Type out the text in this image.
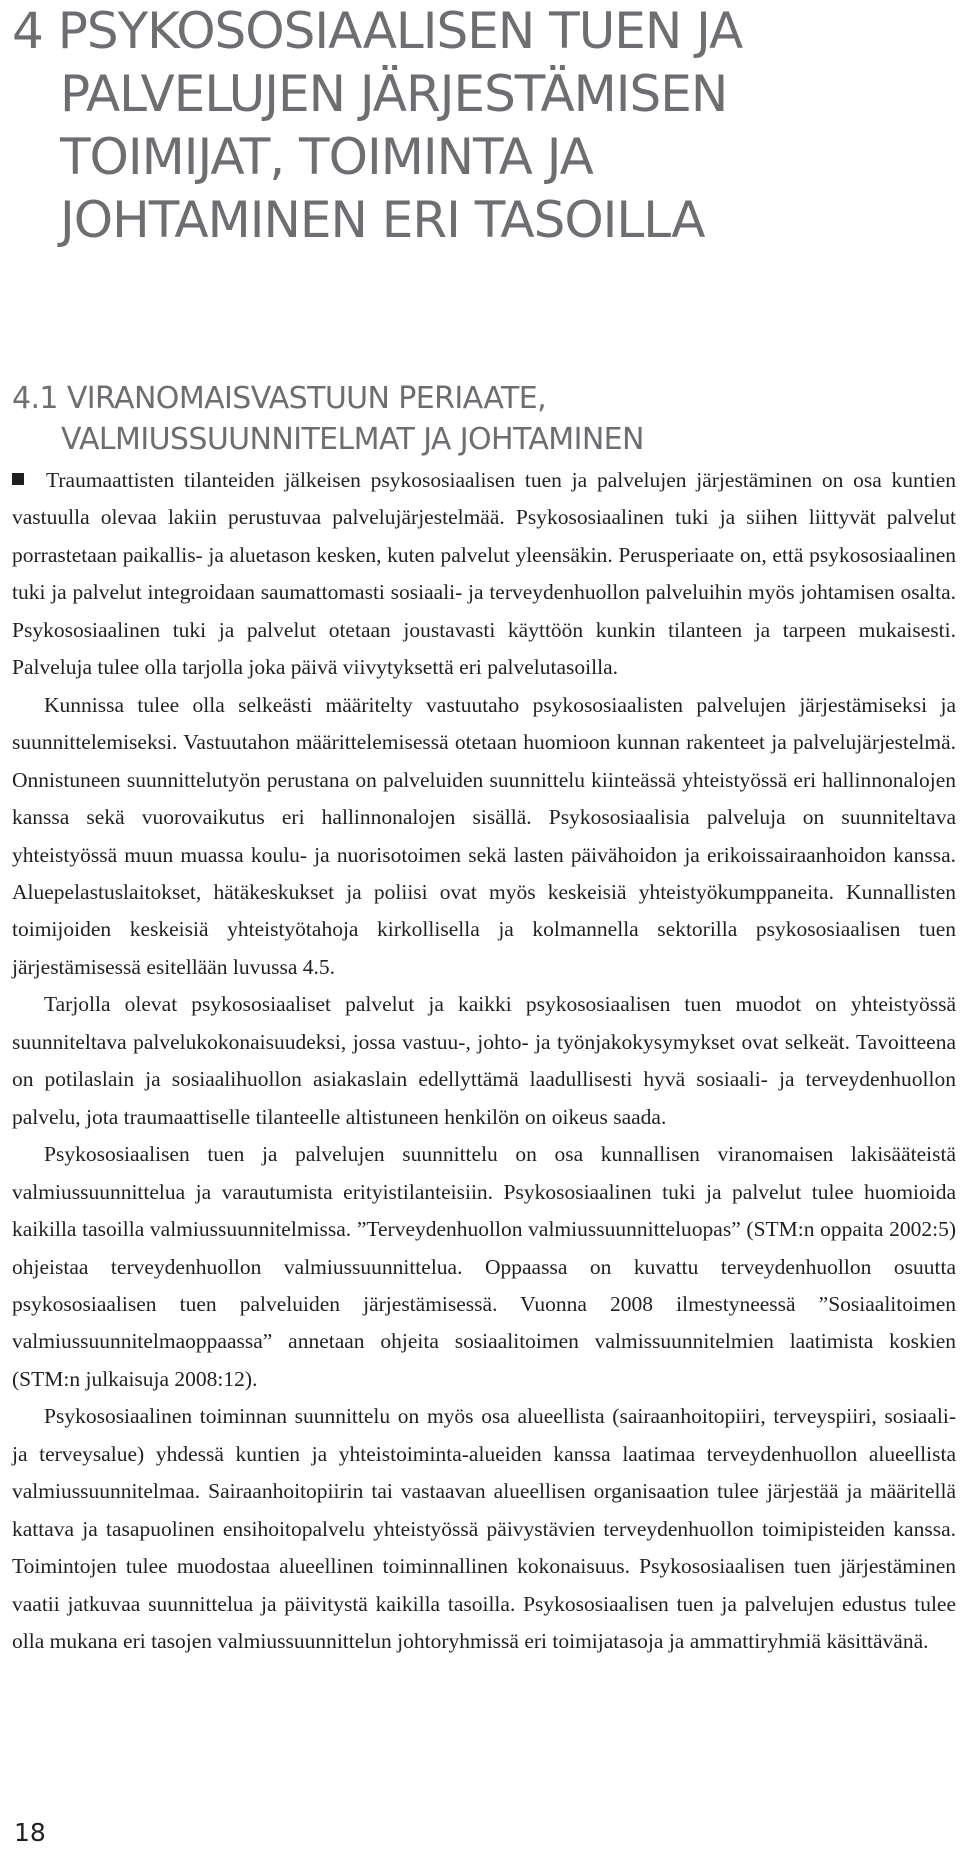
4 PSYKOSOSIAALISEN TUEN JA
PALVELUJEN JÄRJESTÄMISEN
TOIMIJAT, TOIMINTA JA
JOHTAMINEN ERI TASOILLA
4.1 VIRANOMAISVASTUUN PERIAATE,
VALMIUSSUUNNITELMAT JA JOHTAMINEN

Traumaattisten tilanteiden jälkeisen psykososiaalisen tuen ja palvelujen järjestäminen on osa kuntien vastuulla olevaa lakiin perustuvaa palvelujärjestelmää. Psykososiaalinen tuki ja siihen liittyvät palvelut porrastetaan paikallis- ja aluetason kesken, kuten palvelut yleensäkin. Perusperiaate on, että psykososiaalinen tuki ja palvelut integroidaan saumattomasti sosiaali- ja terveydenhuollon palveluihin myös johtamisen osalta. Psykososiaalinen tuki ja palvelut otetaan joustavasti käyttöön kunkin tilanteen ja tarpeen mukaisesti. Palveluja tulee olla tarjolla joka päivä viivytyksettä eri palvelutasoilla.

Kunnissa tulee olla selkeästi määritelty vastuutaho psykososiaalisten palvelujen järjestämiseksi ja suunnittelemiseksi. Vastuutahon määrittelemisessä otetaan huomioon kunnan rakenteet ja palvelujärjestelmä. Onnistuneen suunnittelutyön perustana on palveluiden suunnittelu kiinteässä yhteistyössä eri hallinnonalojen kanssa sekä vuorovaikutus eri hallinnonalojen sisällä. Psykososiaalisia palveluja on suunniteltava yhteistyössä muun muassa koulu- ja nuorisotoimen sekä lasten päivähoidon ja erikoissairaanhoidon kanssa. Aluepelastuslaitokset, hätäkeskukset ja poliisi ovat myös keskeisiä yhteistyökumppaneita. Kunnallisten toimijoiden keskeisiä yhteistyötahoja kirkollisella ja kolmannella sektorilla psykososiaalisen tuen järjestämisessä esitellään luvussa 4.5.

Tarjolla olevat psykososiaaliset palvelut ja kaikki psykososiaalisen tuen muodot on yhteistyössä suunniteltava palvelukokonaisuudeksi, jossa vastuu-, johto- ja työnjakokysymykset ovat selkeät. Tavoitteena on potilaslain ja sosiaalihuollon asiakaslain edellyttämä laadullisesti hyvä sosiaali- ja terveydenhuollon palvelu, jota traumaattiselle tilanteelle altistuneen henkilön on oikeus saada.

Psykososiaalisen tuen ja palvelujen suunnittelu on osa kunnallisen viranomaisen lakisääteistä valmiussuunnittelua ja varautumista erityistilanteisiin. Psykososiaalinen tuki ja palvelut tulee huomioida kaikilla tasoilla valmiussuunnitelmissa. ”Terveydenhuollon valmiussuunnitteluopas” (STM:n oppaita 2002:5) ohjeistaa terveydenhuollon valmiussuunnittelua. Oppaassa on kuvattu terveydenhuollon osuutta psykososiaalisen tuen palveluiden järjestämisessä. Vuonna 2008 ilmestyneessä ”Sosiaalitoimen valmiussuunnitelmaoppaassa” annetaan ohjeita sosiaalitoimen valmissuunnitelmien laatimista koskien (STM:n julkaisuja 2008:12).

Psykososiaalinen toiminnan suunnittelu on myös osa alueellista (sairaanhoitopiiri, terveyspiiri, sosiaali- ja terveysalue) yhdessä kuntien ja yhteistoiminta-alueiden kanssa laatimaa terveydenhuollon alueellista valmiussuunnitelmaa. Sairaanhoitopiirin tai vastaavan alueellisen organisaation tulee järjestää ja määritellä kattava ja tasapuolinen ensihoitopalvelu yhteistyössä päivystävien terveydenhuollon toimipisteiden kanssa. Toimintojen tulee muodostaa alueellinen toiminnallinen kokonaisuus. Psykososiaalisen tuen järjestäminen vaatii jatkuvaa suunnittelua ja päivitystä kaikilla tasoilla. Psykososiaalisen tuen ja palvelujen edustus tulee olla mukana eri tasojen valmiussuunnittelun johtoryhmissä eri toimijatasoja ja ammattiryhmiä käsittävänä.

18
